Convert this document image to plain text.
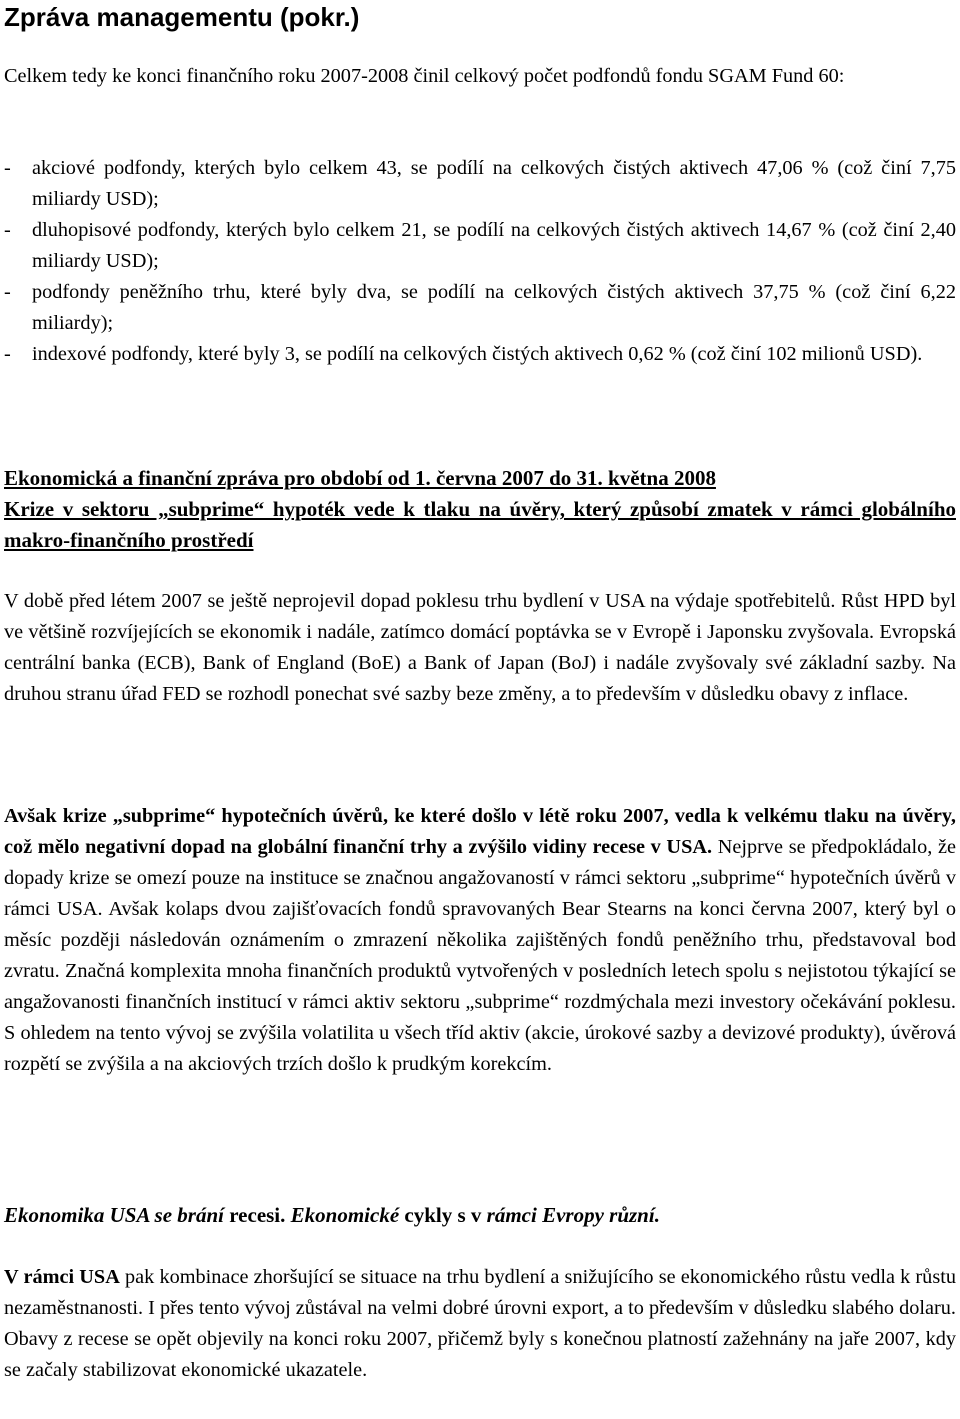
Zpráva managementu (pokr.)
Celkem tedy ke konci finančního roku 2007-2008 činil celkový počet podfondů fondu SGAM Fund 60:
- akciové podfondy, kterých bylo celkem 43, se podílí na celkových čistých aktivech 47,06 % (což činí 7,75 miliardy USD);
- dluhopisové podfondy, kterých bylo celkem 21, se podílí na celkových čistých aktivech 14,67 % (což činí 2,40 miliardy USD);
- podfondy peněžního trhu, které byly dva, se podílí na celkových čistých aktivech 37,75 % (což činí 6,22 miliardy);
- indexové podfondy, které byly 3, se podílí na celkových čistých aktivech 0,62 % (což činí 102 milionů USD).
Ekonomická a finanční zpráva pro období od 1. června 2007 do 31. května 2008
Krize v sektoru „subprime“ hypoték vede k tlaku na úvěry, který způsobí zmatek v rámci globálního makro-finančního prostředí
V době před létem 2007 se ještě neprojevil dopad poklesu trhu bydlení v USA na výdaje spotřebitelů. Růst HPD byl ve většině rozvíjejících se ekonomik i nadále, zatímco domácí poptávka se v Evropě i Japonsku zvyšovala. Evropská centrální banka (ECB), Bank of England (BoE) a Bank of Japan (BoJ) i nadále zvyšovaly své základní sazby. Na druhou stranu úřad FED se rozhodl ponechat své sazby beze změny, a to především v důsledku obavy z inflace.
Avšak krize „subprime“ hypotečních úvěrů, ke které došlo v létě roku 2007, vedla k velkému tlaku na úvěry, což mělo negativní dopad na globální finanční trhy a zvýšilo vidiny recese v USA. Nejprve se předpokládalo, že dopady krize se omezí pouze na instituce se značnou angažovaností v rámci sektoru „subprime“ hypotečních úvěrů v rámci USA. Avšak kolaps dvou zajišťovacích fondů spravovaných Bear Stearns na konci června 2007, který byl o měsíc později následován oznámením o zmrazení několika zajištěných fondů peněžního trhu, představoval bod zvratu. Značná komplexita mnoha finančních produktů vytvořených v posledních letech spolu s nejistotou týkající se angažovanosti finančních institucí v rámci aktiv sektoru „subprime“ rozdmýchala mezi investory očekávání poklesu. S ohledem na tento vývoj se zvýšila volatilita u všech tříd aktiv (akcie, úrokové sazby a devizové produkty), úvěrová rozpětí se zvýšila a na akciových trzích došlo k prudkým korekcím.
Ekonomika USA se brání recesi. Ekonomické cykly s v rámci Evropy různí.
V rámci USA pak kombinace zhoršující se situace na trhu bydlení a snižujícího se ekonomického růstu vedla k růstu nezaměstnanosti. I přes tento vývoj zůstával na velmi dobré úrovni export, a to především v důsledku slabého dolaru. Obavy z recese se opět objevily na konci roku 2007, přičemž byly s konečnou platností zažehnány na jaře 2007, kdy se začaly stabilizovat ekonomické ukazatele.
